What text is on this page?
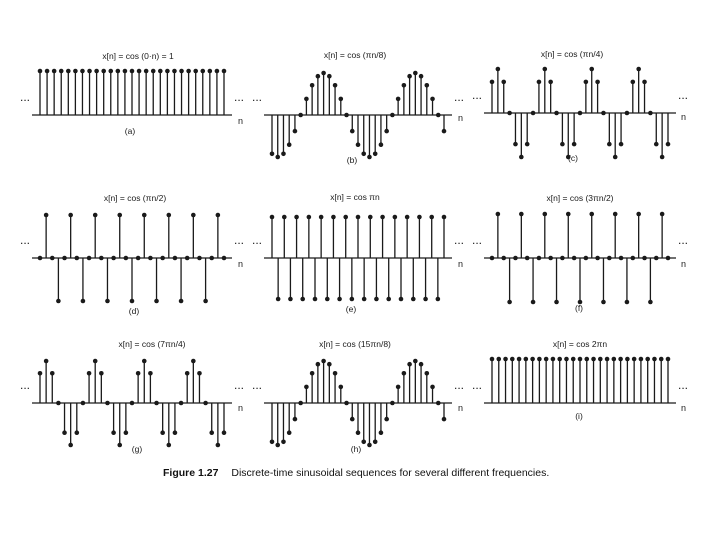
...	...
x[n] = cos (0·n) = 1
n
(a)
...	...
x[n] = cos (πn/8)
n
(b)
...	...
x[n] = cos (πn/4)
n
(c)
...	...
x[n] = cos (πn/2)
n
(d)
...	...
x[n] = cos πn
n
(e)
...	...
x[n] = cos (3πn/2)
n
(f)
...	...
x[n] = cos (7πn/4)
n
(g)
...	...
x[n] = cos (15πn/8)
n
(h)
...	...
x[n] = cos 2πn
n
(i)
Figure 1.27 Discrete-time sinusoidal sequences for several different frequencies.
